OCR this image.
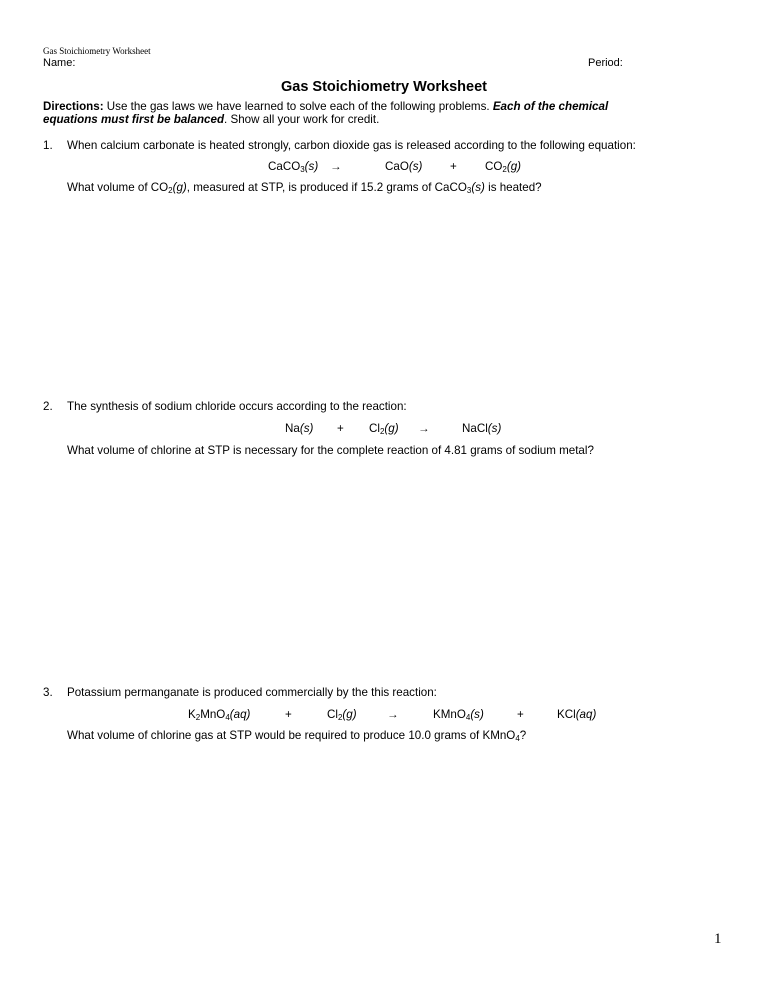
Gas Stoichiometry Worksheet
Name:	Period:
Gas Stoichiometry Worksheet
Directions: Use the gas laws we have learned to solve each of the following problems. Each of the chemical
equations must first be balanced. Show all your work for credit.
1. When calcium carbonate is heated strongly, carbon dioxide gas is released according to the following equation:
CaCO$_3$(s) →	$CaO(s) + CO_2(g)$
What volume of $CO_2(g)$, measured at STP, is produced if 15.2 grams of CaCO$_3$(s) is heated?
2. The synthesis of sodium chloride occurs according to the reaction:
$Na(s) + Cl_2(g)$ →	NaCl(s)
What volume of chlorine at STP is necessary for the complete reaction of 4.81 grams of sodium metal?
3. Potassium permanganate is produced commercially by the this reaction:
$K_2MnO_4(aq)$	+	$Cl_2(g)$	→	KMnO$_4$(s)	+	KCl(aq)
What volume of chlorine gas at STP would be required to produce 10.0 grams of KMnO$_4$?
1
